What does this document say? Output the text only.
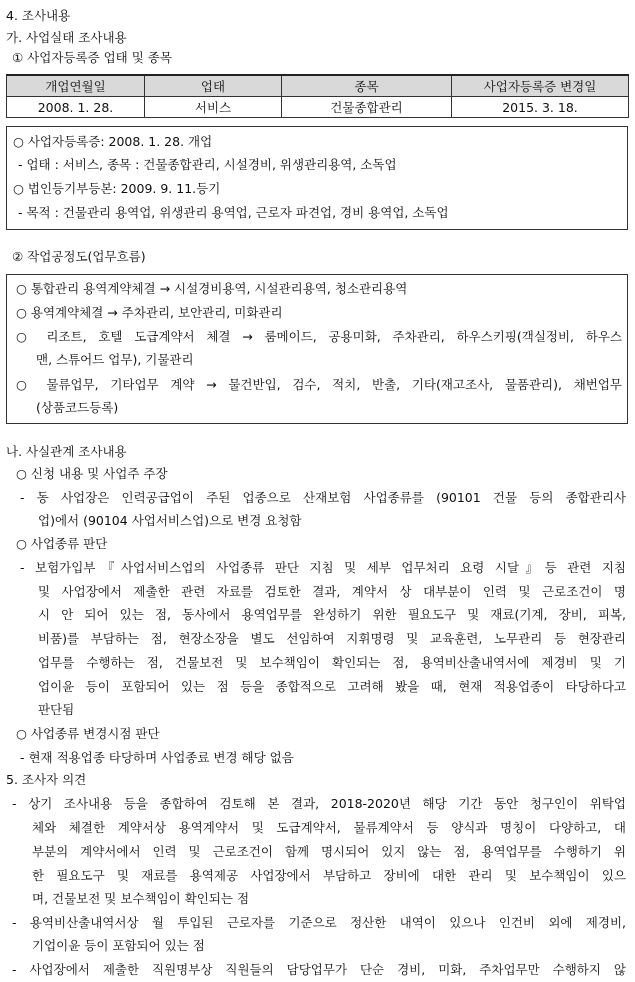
4. 조사내용
가. 사업실태 조사내용
① 사업자등록증 업태 및 종목
개업연월일	업태	종목	사업자등록증 변경일
2008. 1. 28.	서비스	건물종합관리	2015. 3. 18.
○ 사업자등록증: 2008. 1. 28. 개업
- 업태 : 서비스, 종목 : 건물종합관리, 시설경비, 위생관리용역, 소독업
○ 법인등기부등본: 2009. 9. 11.등기
- 목적 : 건물관리 용역업, 위생관리 용역업, 근로자 파견업, 경비 용역업, 소독업
② 작업공정도(업무흐름)
○ 통합관리 용역계약체결 → 시설경비용역, 시설관리용역, 청소관리용역
○ 용역계약체결 → 주차관리, 보안관리, 미화관리
○ 리조트, 호텔 도급계약서 체결 → 룸메이드, 공용미화, 주차관리, 하우스키핑(객실정비, 하우스
맨, 스튜어드 업무), 기물관리
○ 물류업무, 기타업무 계약 → 물건반입, 검수, 적치, 반출, 기타(재고조사, 물품관리), 채번업무
(상품코드등록)
나. 사실관계 조사내용
○ 신청 내용 및 사업주 주장
- 동 사업장은 인력공급업이 주된 업종으로 산재보험 사업종류를 (90101 건물 등의 종합관리사
업)에서 (90104 사업서비스업)으로 변경 요청함
○ 사업종류 판단
- 보험가입부『사업서비스업의 사업종류 판단 지침 및 세부 업무처리 요령 시달』등 관련 지침
및 사업장에서 제출한 관련 자료를 검토한 결과, 계약서 상 대부분이 인력 및 근로조건이 명
시 안 되어 있는 점, 동사에서 용역업무를 완성하기 위한 필요도구 및 재료(기계, 장비, 피복,
비품)를 부담하는 점, 현장소장을 별도 선임하여 지휘명령 및 교육훈련, 노무관리 등 현장관리
업무를 수행하는 점, 건물보전 및 보수책임이 확인되는 점, 용역비산출내역서에 제경비 및 기
업이윤 등이 포함되어 있는 점 등을 종합적으로 고려해 봤을 때, 현재 적용업종이 타당하다고
판단됨
○ 사업종류 변경시점 판단
- 현재 적용업종 타당하며 사업종료 변경 해당 없음
5. 조사자 의견
- 상기 조사내용 등을 종합하여 검토해 본 결과, 2018-2020년 해당 기간 동안 청구인이 위탁업
체와 체결한 계약서상 용역계약서 및 도급계약서, 물류계약서 등 양식과 명칭이 다양하고, 대
부분의 계약서에서 인력 및 근로조건이 함께 명시되어 있지 않는 점, 용역업무를 수행하기 위
한 필요도구 및 재료를 용역제공 사업장에서 부담하고 장비에 대한 관리 및 보수책임이 있으
며, 건물보전 및 보수책임이 확인되는 점
- 용역비산출내역서상 월 투입된 근로자를 기준으로 정산한 내역이 있으나 인건비 외에 제경비,
기업이윤 등이 포함되어 있는 점
- 사업장에서 제출한 직원명부상 직원들의 담당업무가 단순 경비, 미화, 주차업무만 수행하지 않
